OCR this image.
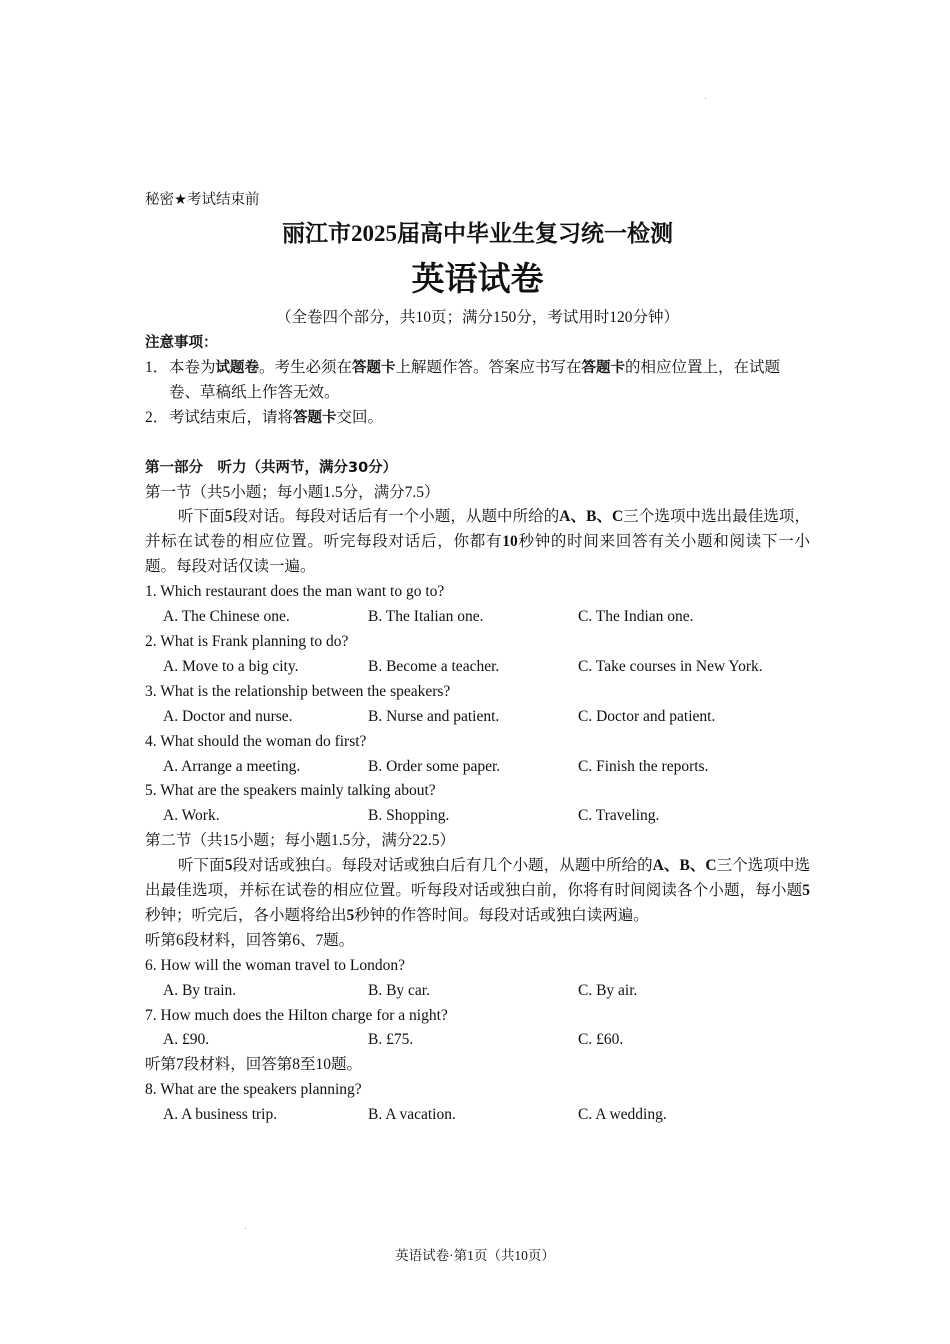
秘密★考试结束前
丽江市2025届高中毕业生复习统一检测
英语试卷
（全卷四个部分，共10页；满分150分，考试用时120分钟）
注意事项：
1． 本卷为试题卷。考生必须在答题卡上解题作答。答案应书写在答题卡的相应位置上，在试题卷、草稿纸上作答无效。
2． 考试结束后，请将答题卡交回。
第一部分　听力（共两节，满分30分）
第一节（共5小题；每小题1.5分，满分7.5）
听下面5段对话。每段对话后有一个小题，从题中所给的A、B、C三个选项中选出最佳选项，并标在试卷的相应位置。听完每段对话后，你都有10秒钟的时间来回答有关小题和阅读下一小题。每段对话仅读一遍。
1. Which restaurant does the man want to go to?
A. The Chinese one.	B. The Italian one.	C. The Indian one.
2. What is Frank planning to do?
A. Move to a big city.	B. Become a teacher.	C. Take courses in New York.
3. What is the relationship between the speakers?
A. Doctor and nurse.	B. Nurse and patient.	C. Doctor and patient.
4. What should the woman do first?
A. Arrange a meeting.	B. Order some paper.	C. Finish the reports.
5. What are the speakers mainly talking about?
A. Work.	B. Shopping.	C. Traveling.
第二节（共15小题；每小题1.5分，满分22.5）
听下面5段对话或独白。每段对话或独白后有几个小题，从题中所给的A、B、C三个选项中选出最佳选项，并标在试卷的相应位置。听每段对话或独白前，你将有时间阅读各个小题，每小题5秒钟；听完后，各小题将给出5秒钟的作答时间。每段对话或独白读两遍。
听第6段材料，回答第6、7题。
6. How will the woman travel to London?
A. By train.	B. By car.	C. By air.
7. How much does the Hilton charge for a night?
A. £90.	B. £75.	C. £60.
听第7段材料，回答第8至10题。
8. What are the speakers planning?
A. A business trip.	B. A vacation.	C. A wedding.
英语试卷·第1页（共10页）
